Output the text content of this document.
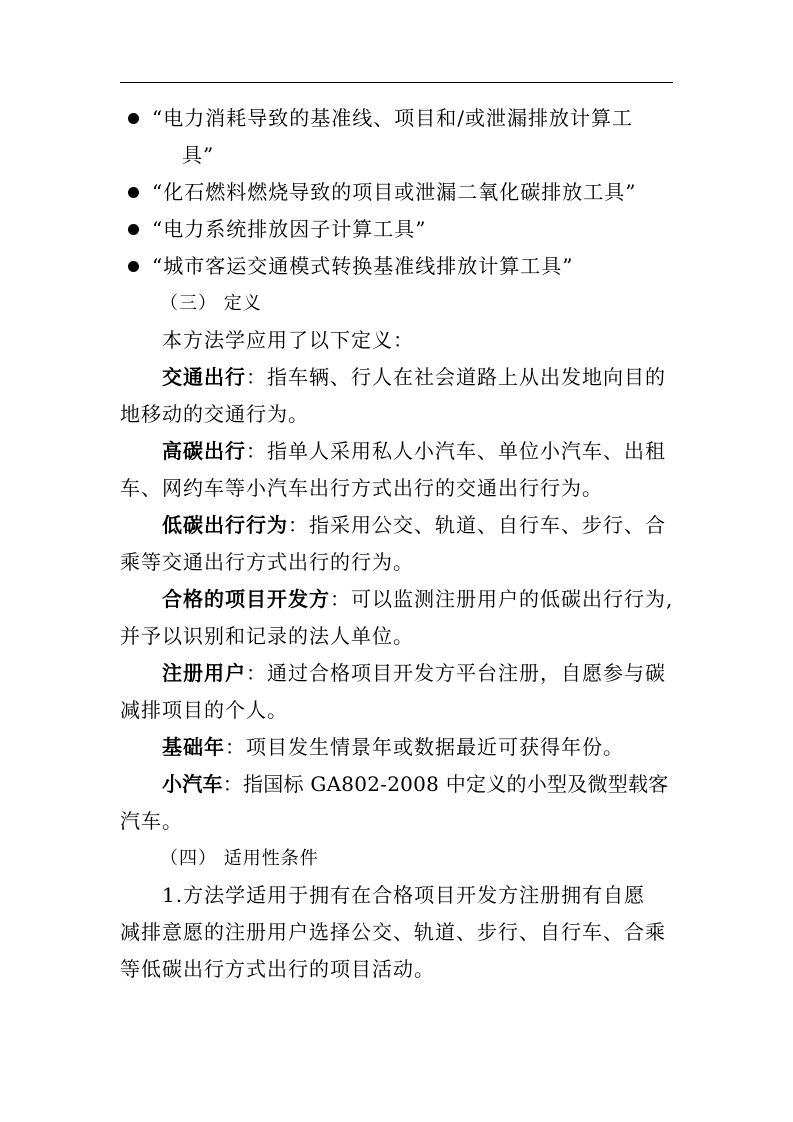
“电力消耗导致的基准线、项目和/或泄漏排放计算工
具”
“化石燃料燃烧导致的项目或泄漏二氧化碳排放工具”
“电力系统排放因子计算工具”
“城市客运交通模式转换基准线排放计算工具”
（三） 定义
本方法学应用了以下定义：
交通出行：指车辆、行人在社会道路上从出发地向目的
地移动的交通行为。
高碳出行：指单人采用私人小汽车、单位小汽车、出租
车、网约车等小汽车出行方式出行的交通出行行为。
低碳出行行为：指采用公交、轨道、自行车、步行、合
乘等交通出行方式出行的行为。
合格的项目开发方：可以监测注册用户的低碳出行行为,
并予以识别和记录的法人单位。
注册用户：通过合格项目开发方平台注册，自愿参与碳
减排项目的个人。
基础年：项目发生情景年或数据最近可获得年份。
小汽车：指国标 GA802-2008 中定义的小型及微型载客
汽车。
（四） 适用性条件
1.方法学适用于拥有在合格项目开发方注册拥有自愿
减排意愿的注册用户选择公交、轨道、步行、自行车、合乘
等低碳出行方式出行的项目活动。
